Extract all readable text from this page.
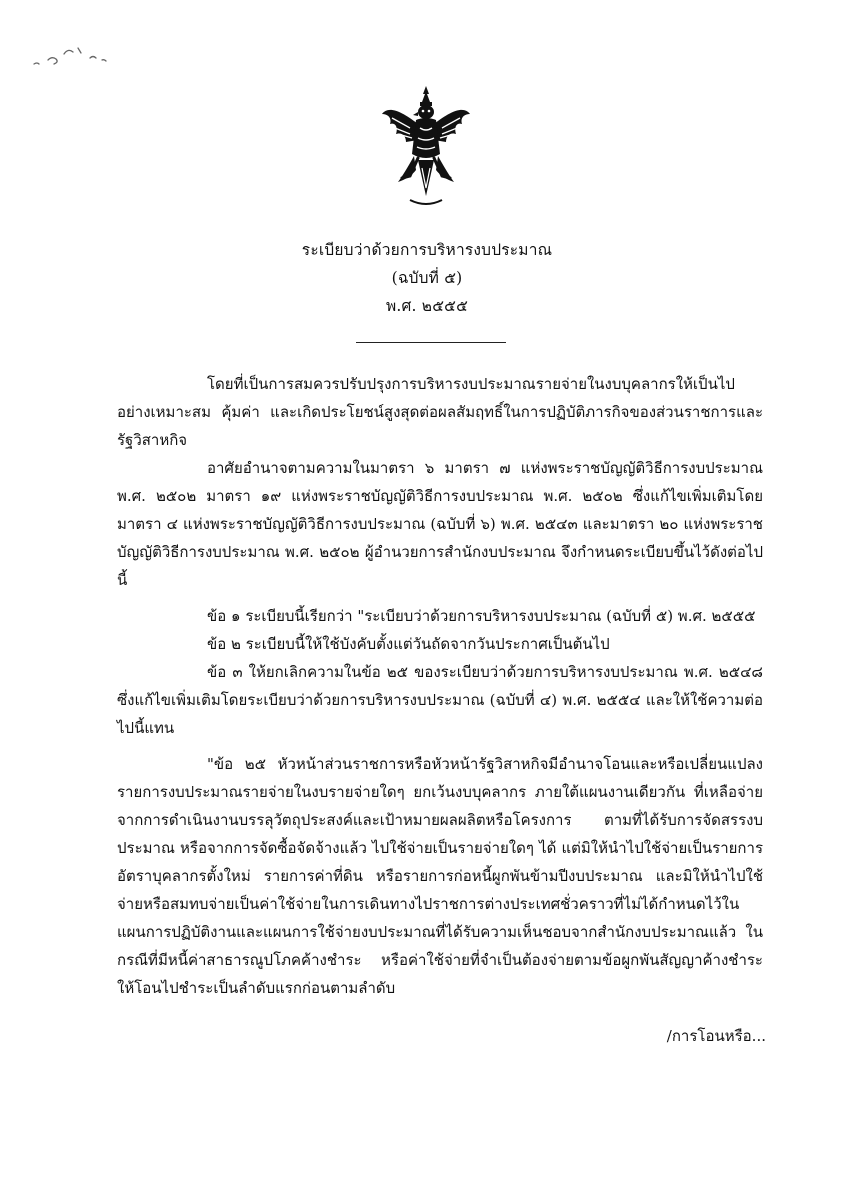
ระเบียบว่าด้วยการบริหารงบประมาณ
(ฉบับที่ ๕)
พ.ศ. ๒๕๕๕

โดยที่เป็นการสมควรปรับปรุงการบริหารงบประมาณรายจ่ายในงบบุคลากรให้เป็นไปอย่างเหมาะสม คุ้มค่า และเกิดประโยชน์สูงสุดต่อผลสัมฤทธิ์ในการปฏิบัติภารกิจของส่วนราชการและรัฐวิสาหกิจ

อาศัยอำนาจตามความในมาตรา ๖ มาตรา ๗ แห่งพระราชบัญญัติวิธีการงบประมาณ พ.ศ. ๒๕๐๒ มาตรา ๑๙ แห่งพระราชบัญญัติวิธีการงบประมาณ พ.ศ. ๒๕๐๒ ซึ่งแก้ไขเพิ่มเติมโดยมาตรา ๔ แห่งพระราชบัญญัติวิธีการงบประมาณ (ฉบับที่ ๖) พ.ศ. ๒๕๔๓ และมาตรา ๒๐ แห่งพระราชบัญญัติวิธีการงบประมาณ พ.ศ. ๒๕๐๒ ผู้อำนวยการสำนักงบประมาณ จึงกำหนดระเบียบขึ้นไว้ดังต่อไปนี้

ข้อ ๑ ระเบียบนี้เรียกว่า "ระเบียบว่าด้วยการบริหารงบประมาณ (ฉบับที่ ๕) พ.ศ. ๒๕๕๕

ข้อ ๒ ระเบียบนี้ให้ใช้บังคับตั้งแต่วันถัดจากวันประกาศเป็นต้นไป

ข้อ ๓ ให้ยกเลิกความในข้อ ๒๕ ของระเบียบว่าด้วยการบริหารงบประมาณ พ.ศ. ๒๕๔๘ ซึ่งแก้ไขเพิ่มเติมโดยระเบียบว่าด้วยการบริหารงบประมาณ (ฉบับที่ ๔) พ.ศ. ๒๕๕๔ และให้ใช้ความต่อไปนี้แทน

"ข้อ ๒๕ หัวหน้าส่วนราชการหรือหัวหน้ารัฐวิสาหกิจมีอำนาจโอนและหรือเปลี่ยนแปลงรายการงบประมาณรายจ่ายในงบรายจ่ายใดๆ ยกเว้นงบบุคลากร ภายใต้แผนงานเดียวกัน ที่เหลือจ่ายจากการดำเนินงานบรรลุวัตถุประสงค์และเป้าหมายผลผลิตหรือโครงการ ตามที่ได้รับการจัดสรรงบประมาณ หรือจากการจัดซื้อจัดจ้างแล้ว ไปใช้จ่ายเป็นรายจ่ายใดๆ ได้ แต่มิให้นำไปใช้จ่ายเป็นรายการอัตราบุคลากรตั้งใหม่ รายการค่าที่ดิน หรือรายการก่อหนี้ผูกพันข้ามปีงบประมาณ และมิให้นำไปใช้จ่ายหรือสมทบจ่ายเป็นค่าใช้จ่ายในการเดินทางไปราชการต่างประเทศชั่วคราวที่ไม่ได้กำหนดไว้ในแผนการปฏิบัติงานและแผนการใช้จ่ายงบประมาณที่ได้รับความเห็นชอบจากสำนักงบประมาณแล้ว ในกรณีที่มีหนี้ค่าสาธารณูปโภคค้างชำระ หรือค่าใช้จ่ายที่จำเป็นต้องจ่ายตามข้อผูกพันสัญญาค้างชำระ ให้โอนไปชำระเป็นลำดับแรกก่อนตามลำดับ

/การโอนหรือ...
